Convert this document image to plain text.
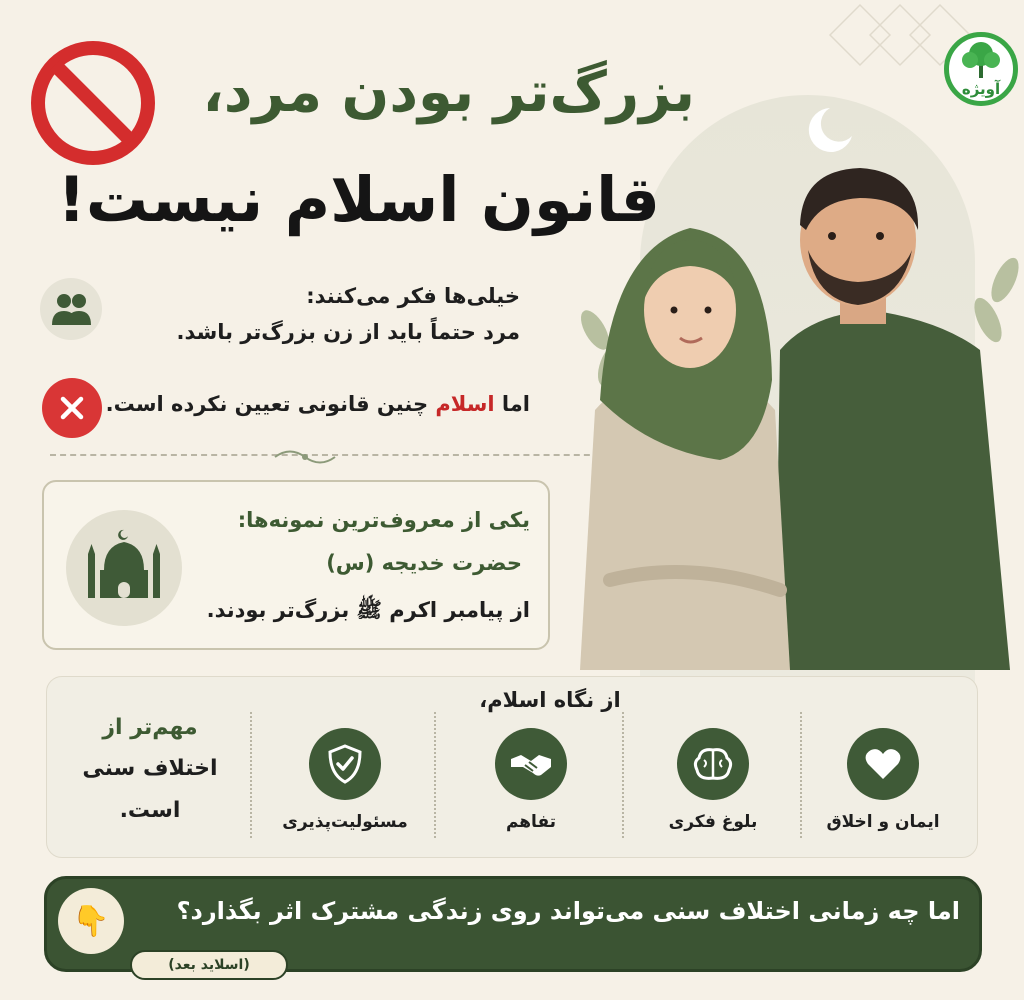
آویژه
بزرگ‌تر بودن مرد،
قانون اسلام نیست!
خیلی‌ها فکر می‌کنند:
مرد حتماً باید از زن بزرگ‌تر باشد.
اما اسلام چنین قانونی تعیین نکرده است.
یکی از معروف‌ترین نمونه‌ها:
حضرت خدیجه (س)
از پیامبر اکرم ﷺ بزرگ‌تر بودند.
از نگاه اسلام،
ایمان و اخلاق
بلوغ فکری
تفاهم
مسئولیت‌پذیری
مهم‌تر از
اختلاف سنی
است.
اما چه زمانی اختلاف سنی می‌تواند روی زندگی مشترک اثر بگذارد؟
👇
(اسلاید بعد)
